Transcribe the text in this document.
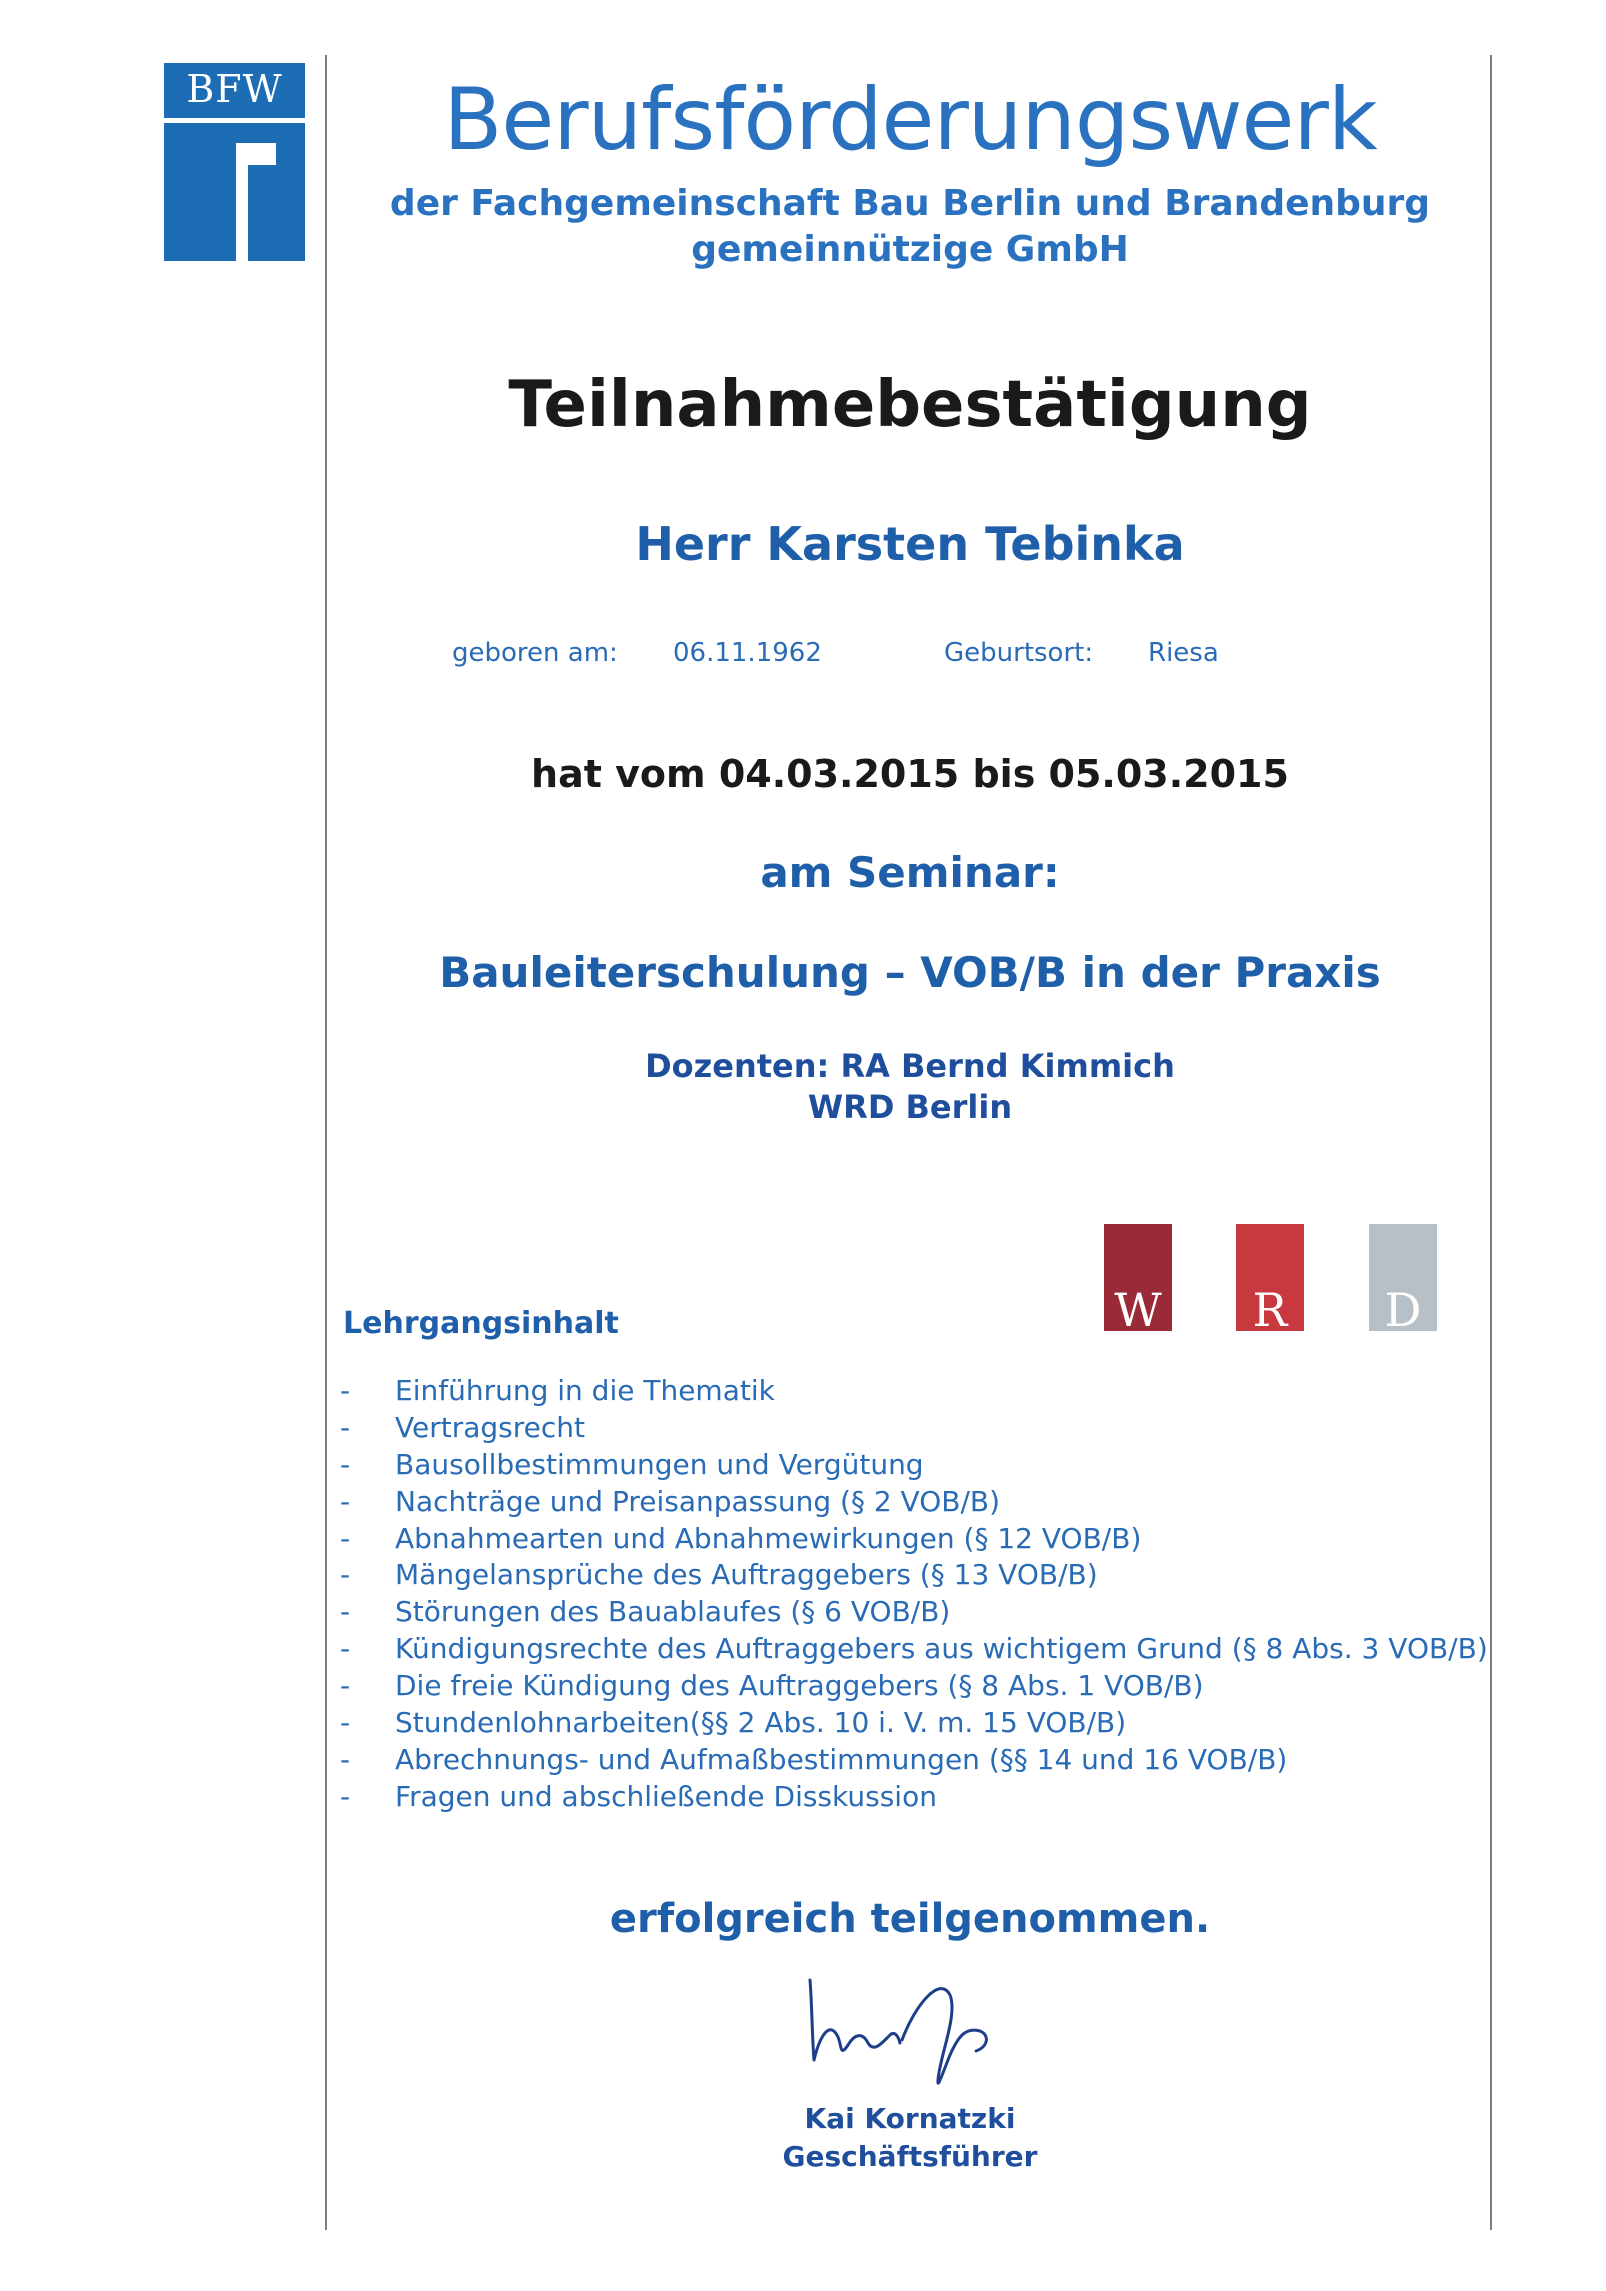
BFW	Berufsförderungswerk
der Fachgemeinschaft Bau Berlin und Brandenburg
gemeinnützige GmbH
Teilnahmebestätigung
Herr Karsten Tebinka
geboren am: 06.11.1962	Geburtsort: Riesa
hat vom 04.03.2015 bis 05.03.2015
am Seminar:
Bauleiterschulung – VOB/B in der Praxis
Dozenten: RA Bernd Kimmich
WRD Berlin
W	R	D
Lehrgangsinhalt
- Einführung in die Thematik
- Vertragsrecht
- Bausollbestimmungen und Vergütung
- Nachträge und Preisanpassung (§ 2 VOB/B)
- Abnahmearten und Abnahmewirkungen (§ 12 VOB/B)
- Mängelansprüche des Auftraggebers (§ 13 VOB/B)
- Störungen des Bauablaufes (§ 6 VOB/B)
- Kündigungsrechte des Auftraggebers aus wichtigem Grund (§ 8 Abs. 3 VOB/B)
- Die freie Kündigung des Auftraggebers (§ 8 Abs. 1 VOB/B)
- Stundenlohnarbeiten(§§ 2 Abs. 10 i. V. m. 15 VOB/B)
- Abrechnungs- und Aufmaßbestimmungen (§§ 14 und 16 VOB/B)
- Fragen und abschließende Disskussion
erfolgreich teilgenommen.
Kai Kornatzki
Geschäftsführer
